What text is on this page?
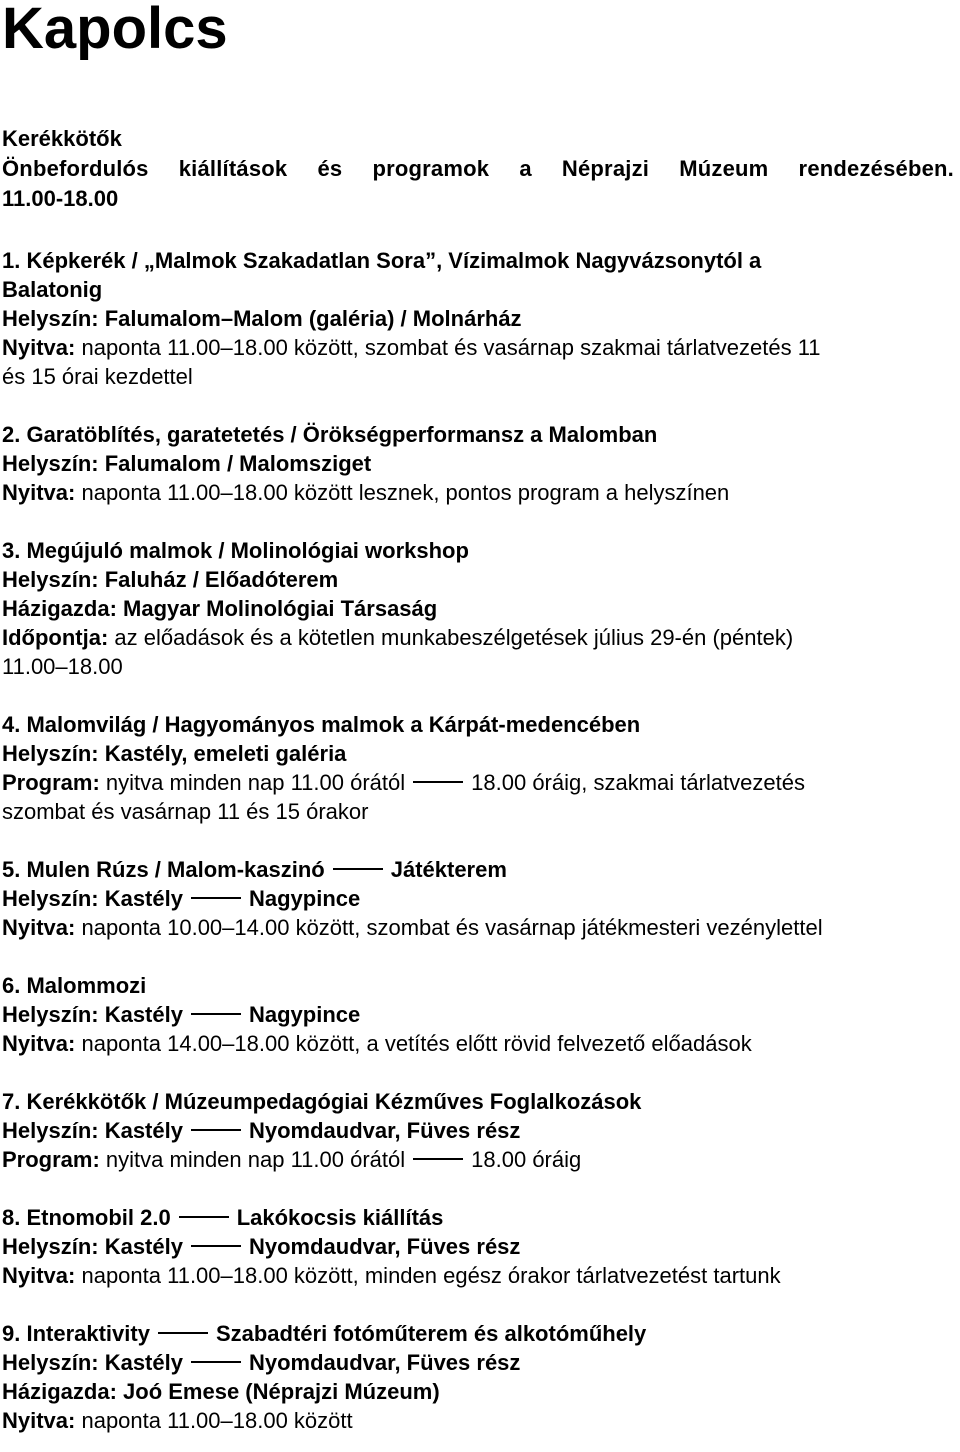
Kapolcs
Kerékkötők
Önbefordulós kiállítások és programok a Néprajzi Múzeum rendezésében.
11.00-18.00
1. Képkerék / „Malmok Szakadatlan Sora”, Vízimalmok Nagyvázsonytól a
Balatonig
Helyszín: Falumalom–Malom (galéria) / Molnárház
Nyitva: naponta 11.00–18.00 között, szombat és vasárnap szakmai tárlatvezetés 11
és 15 órai kezdettel
2. Garatöblítés, garatetetés / Örökségperformansz a Malomban
Helyszín: Falumalom / Malomsziget
Nyitva: naponta 11.00–18.00 között lesznek, pontos program a helyszínen
3. Megújuló malmok / Molinológiai workshop
Helyszín: Faluház / Előadóterem
Házigazda: Magyar Molinológiai Társaság
Időpontja: az előadások és a kötetlen munkabeszélgetések július 29-én (péntek)
11.00–18.00
4. Malomvilág / Hagyományos malmok a Kárpát-medencében
Helyszín: Kastély, emeleti galéria
Program: nyitva minden nap 11.00 órától	18.00 óráig, szakmai tárlatvezetés
szombat és vasárnap 11 és 15 órakor
5. Mulen Rúzs / Malom-kaszinó	Játékterem
Helyszín: Kastély	Nagypince
Nyitva: naponta 10.00–14.00 között, szombat és vasárnap játékmesteri vezénylettel
6. Malommozi
Helyszín: Kastély	Nagypince
Nyitva: naponta 14.00–18.00 között, a vetítés előtt rövid felvezető előadások
7. Kerékkötők / Múzeumpedagógiai Kézműves Foglalkozások
Helyszín: Kastély	Nyomdaudvar, Füves rész
Program: nyitva minden nap 11.00 órától	18.00 óráig
8. Etnomobil 2.0	Lakókocsis kiállítás
Helyszín: Kastély	Nyomdaudvar, Füves rész
Nyitva: naponta 11.00–18.00 között, minden egész órakor tárlatvezetést tartunk
9. Interaktivity	Szabadtéri fotóműterem és alkotóműhely
Helyszín: Kastély	Nyomdaudvar, Füves rész
Házigazda: Joó Emese (Néprajzi Múzeum)
Nyitva: naponta 11.00–18.00 között
